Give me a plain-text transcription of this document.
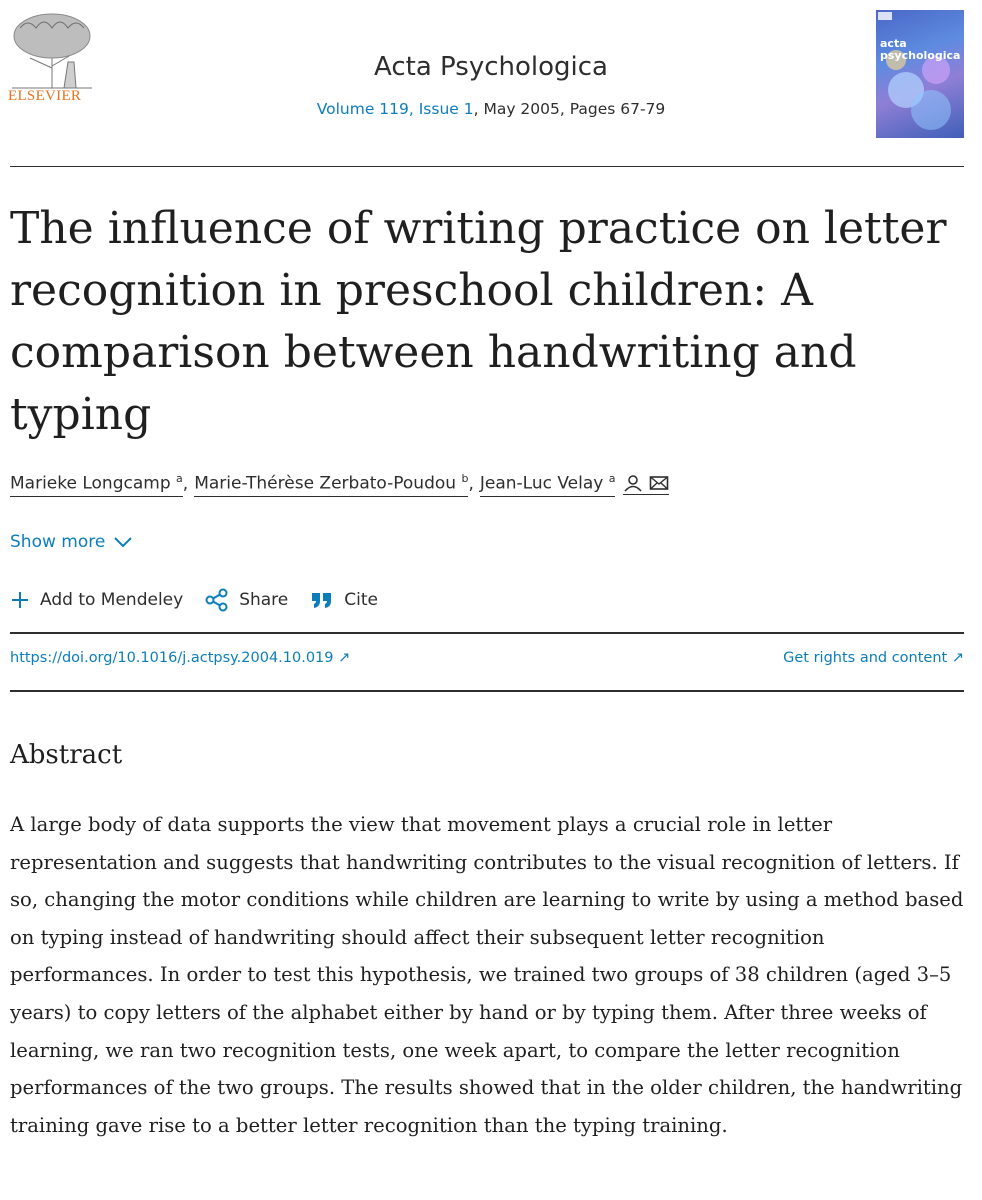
ELSEVIER
Acta Psychologica
Volume 119, Issue 1, May 2005, Pages 67-79
acta psychologica
The influence of writing practice on letter recognition in preschool children: A comparison between handwriting and typing
Marieke Longcamp $^a$ , Marie-Thérèse Zerbato-Poudou $^b$ , Jean-Luc Velay $^a$
Show more
Add to Mendeley	Share	Cite
https://doi.org/10.1016/j.actpsy.2004.10.019 ↗	Get rights and content ↗
Abstract

A large body of data supports the view that movement plays a crucial role in letter representation and suggests that handwriting contributes to the visual recognition of letters. If so, changing the motor conditions while children are learning to write by using a method based on typing instead of handwriting should affect their subsequent letter recognition performances. In order to test this hypothesis, we trained two groups of 38 children (aged 3–5 years) to copy letters of the alphabet either by hand or by typing them. After three weeks of learning, we ran two recognition tests, one week apart, to compare the letter recognition performances of the two groups. The results showed that in the older children, the handwriting training gave rise to a better letter recognition than the typing training.
